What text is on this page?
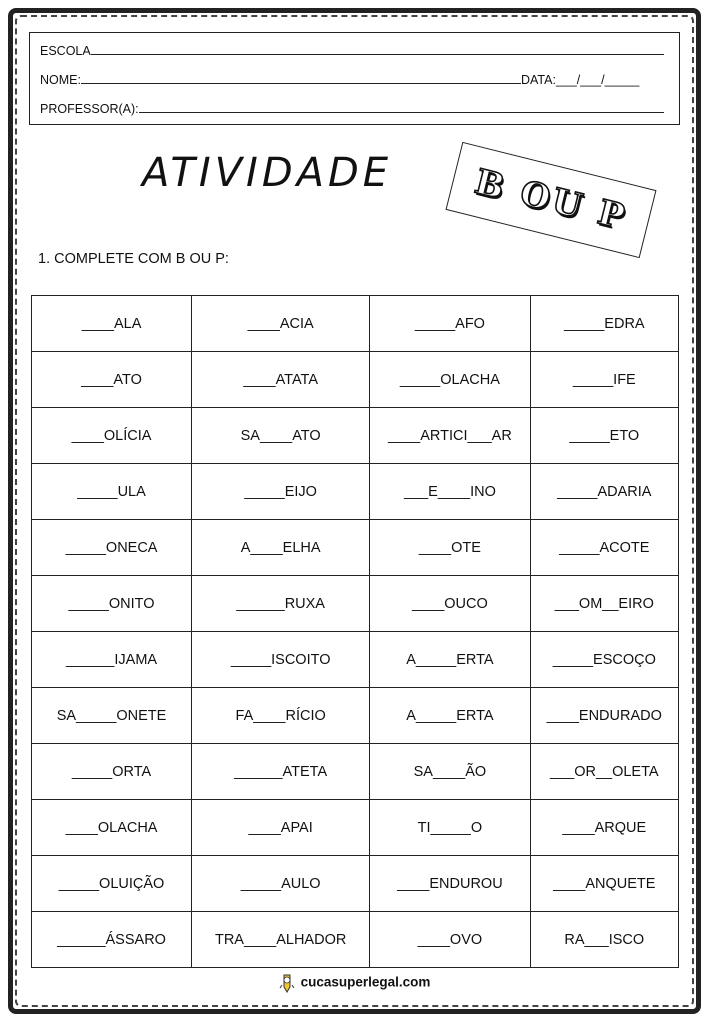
ESCOLA
NOME:	DATA:___/___/_____
PROFESSOR(A):
ATIVIDADE B OU P
1. COMPLETE COM B OU P:
____ALA	____ACIA	_____AFO	_____EDRA
____ATO	____ATATA	_____OLACHA	_____IFE
____OLÍCIA	SA____ATO	____ARTICI___AR	_____ETO
_____ULA	_____EIJO	___E____INO	_____ADARIA
_____ONECA	A____ELHA	____OTE	_____ACOTE
_____ONITO	______RUXA	____OUCO	___OM__EIRO
______IJAMA	_____ISCOITO	A_____ERTA	_____ESCOÇO
SA_____ONETE	FA____RÍCIO	A_____ERTA	____ENDURADO
_____ORTA	______ATETA	SA____ÃO	___OR__OLETA
____OLACHA	____APAI	TI_____O	____ARQUE
_____OLUIÇÃO	_____AULO	____ENDUROU	____ANQUETE
______ÁSSARO	TRA____ALHADOR	____OVO	RA___ISCO
cucasuperlegal.com
